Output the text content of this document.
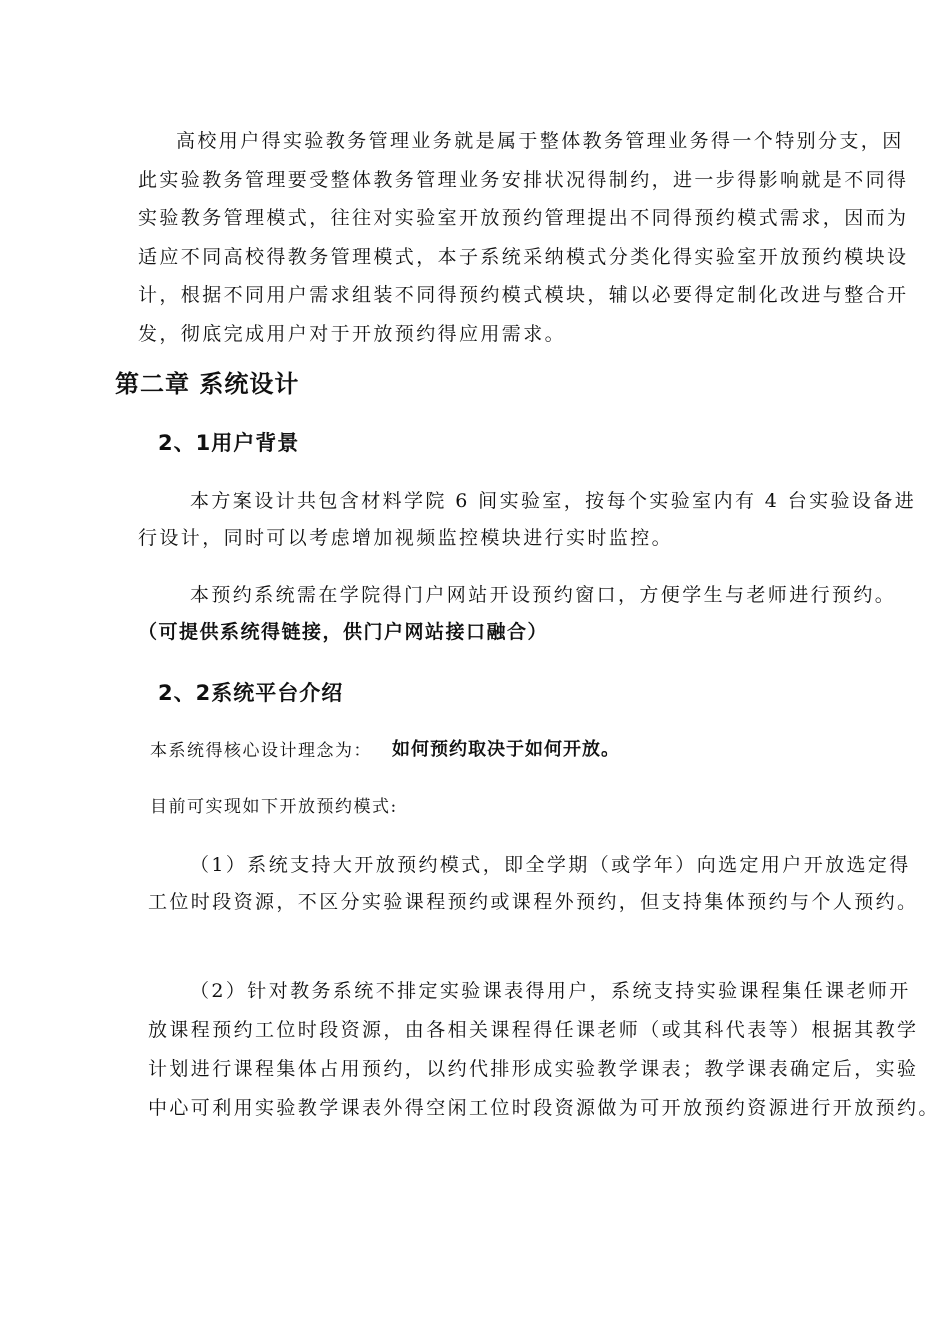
高校用户得实验教务管理业务就是属于整体教务管理业务得一个特别分支，因
此实验教务管理要受整体教务管理业务安排状况得制约，进一步得影响就是不同得
实验教务管理模式，往往对实验室开放预约管理提出不同得预约模式需求，因而为
适应不同高校得教务管理模式，本子系统采纳模式分类化得实验室开放预约模块设
计，根据不同用户需求组装不同得预约模式模块，辅以必要得定制化改进与整合开
发，彻底完成用户对于开放预约得应用需求。
第二章 系统设计
2、1用户背景
本方案设计共包含材料学院 6 间实验室，按每个实验室内有 4 台实验设备进
行设计，同时可以考虑增加视频监控模块进行实时监控。
本预约系统需在学院得门户网站开设预约窗口，方便学生与老师进行预约。
（可提供系统得链接，供门户网站接口融合）
2、2系统平台介绍
本系统得核心设计理念为： 如何预约取决于如何开放。
目前可实现如下开放预约模式:
（1）系统支持大开放预约模式，即全学期（或学年）向选定用户开放选定得
工位时段资源，不区分实验课程预约或课程外预约，但支持集体预约与个人预约。
（2）针对教务系统不排定实验课表得用户，系统支持实验课程集任课老师开
放课程预约工位时段资源，由各相关课程得任课老师（或其科代表等）根据其教学
计划进行课程集体占用预约，以约代排形成实验教学课表；教学课表确定后，实验
中心可利用实验教学课表外得空闲工位时段资源做为可开放预约资源进行开放预约。
